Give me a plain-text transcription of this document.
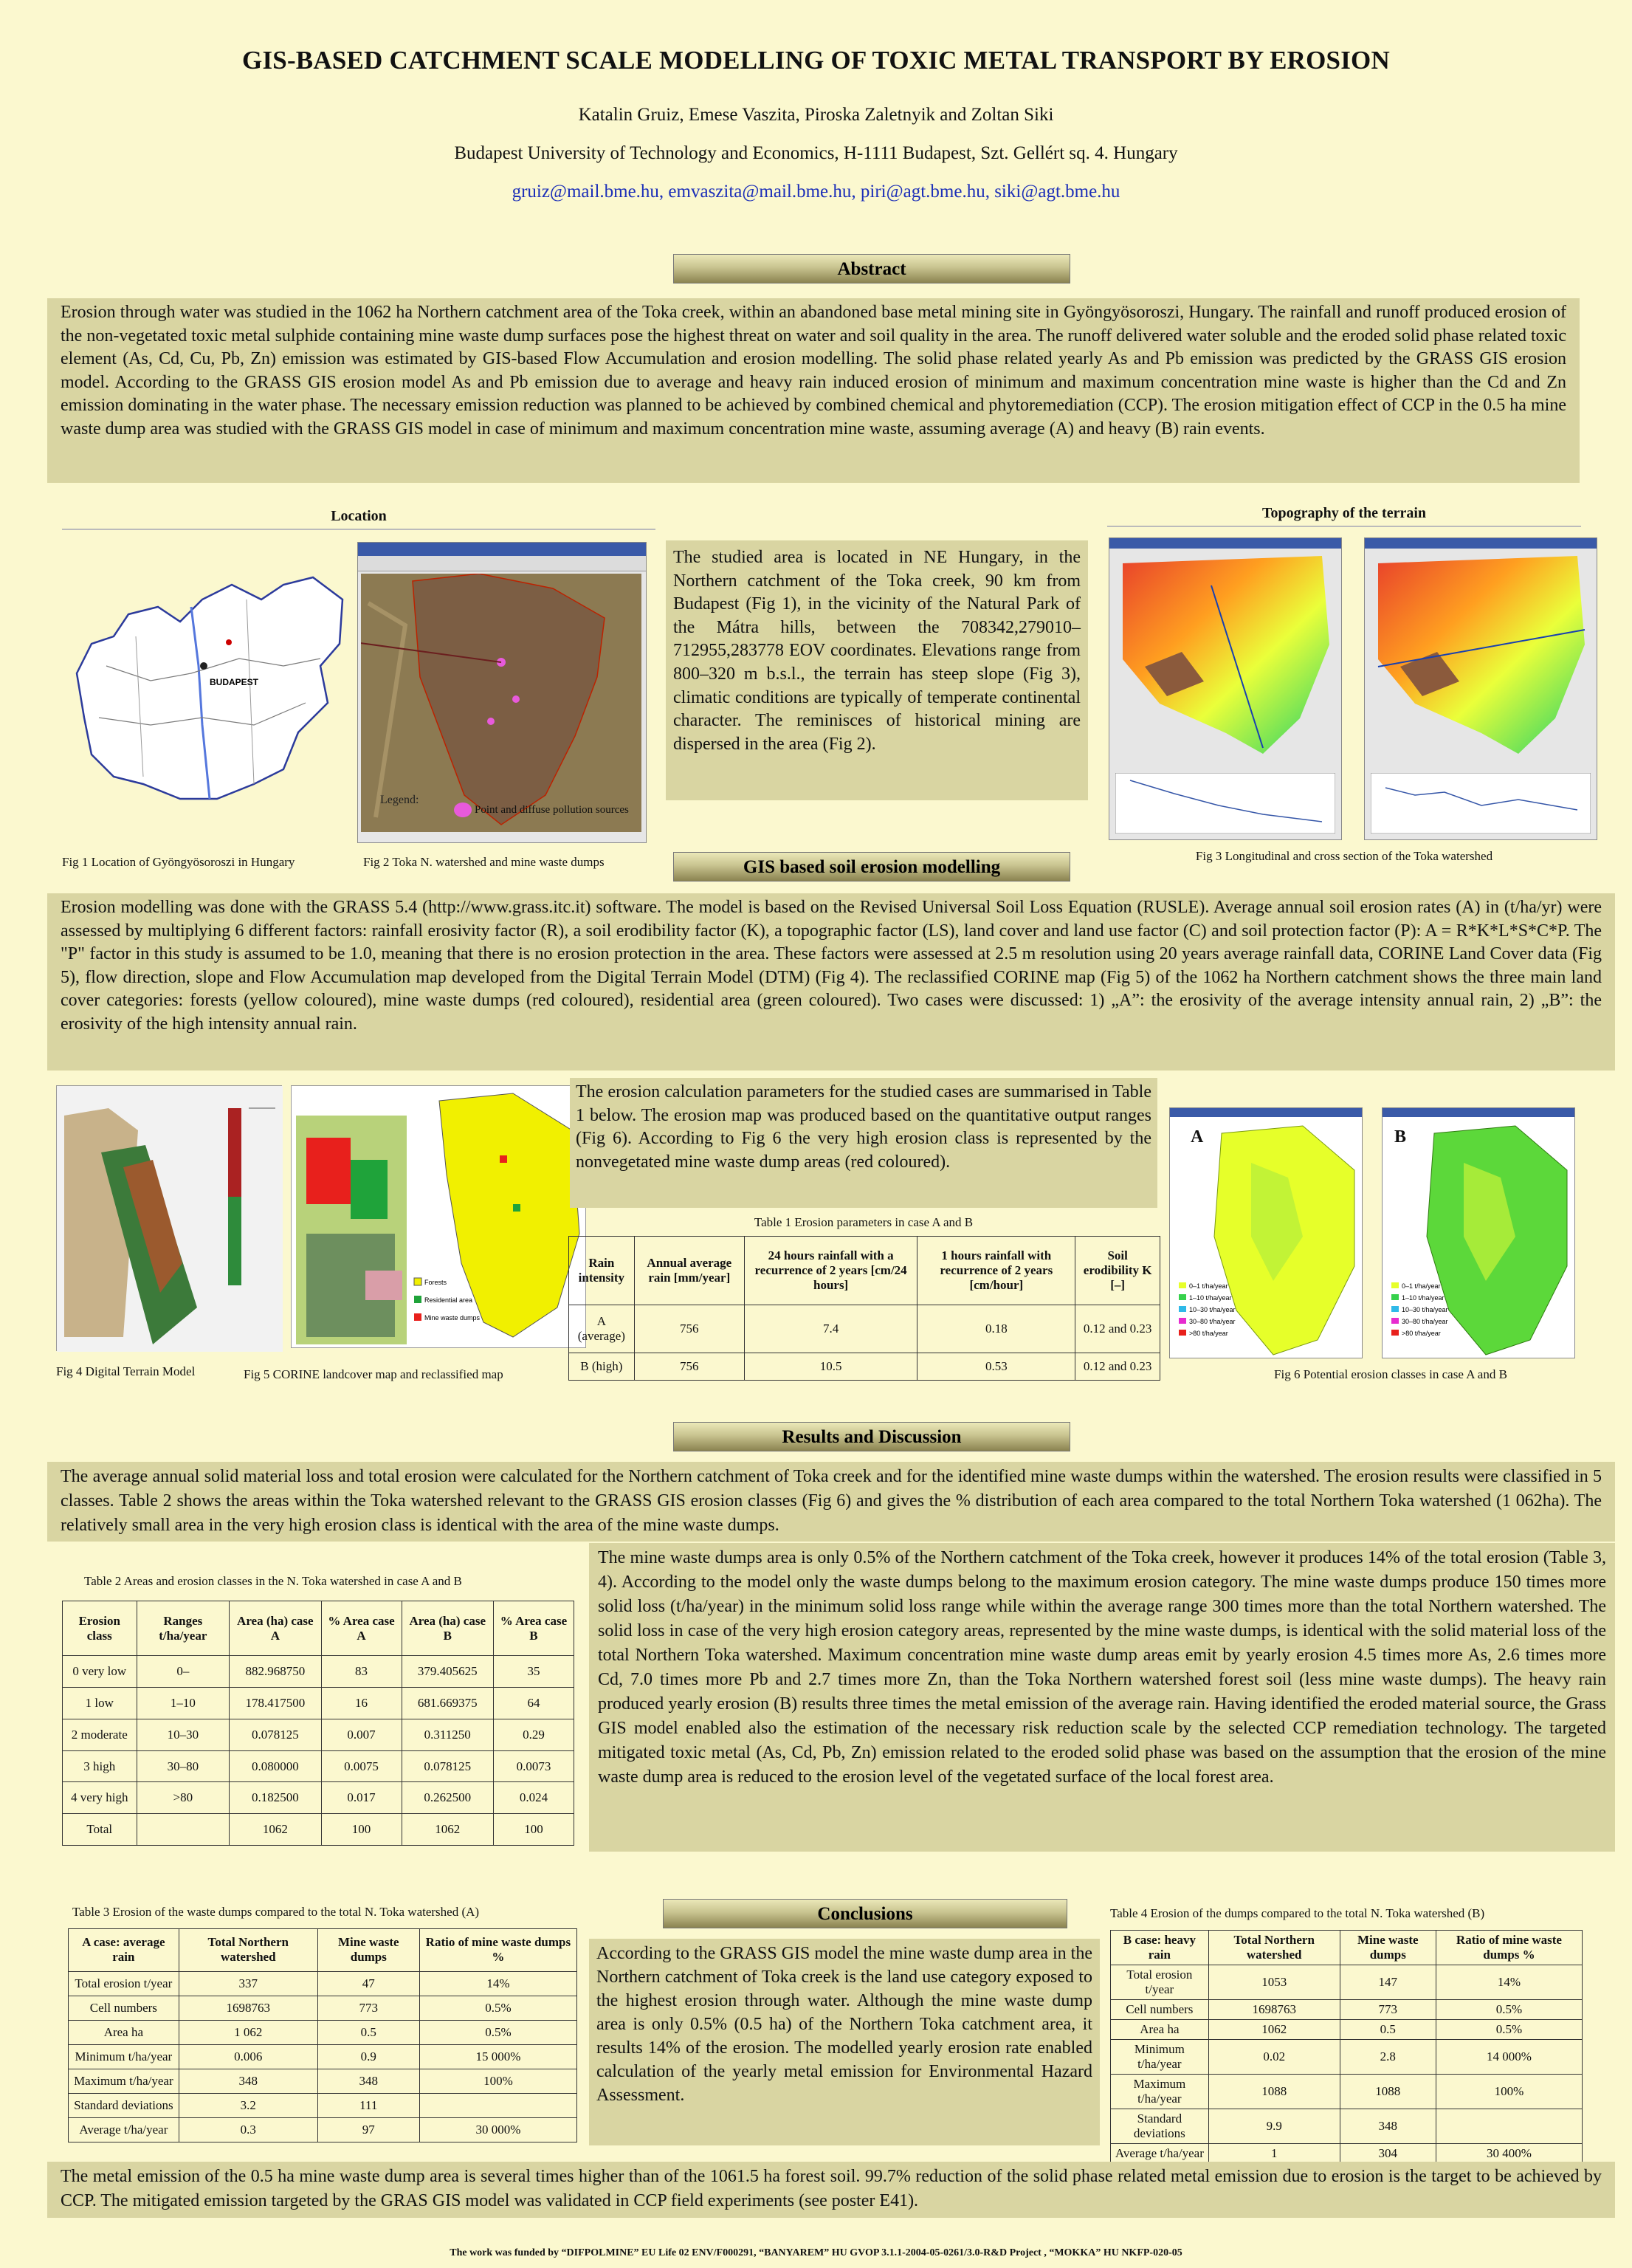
GIS-BASED CATCHMENT SCALE MODELLING OF TOXIC METAL TRANSPORT BY EROSION
Katalin Gruiz, Emese Vaszita, Piroska Zaletnyik and Zoltan Siki
Budapest University of Technology and Economics, H-1111 Budapest, Szt. Gellért sq. 4. Hungary
gruiz@mail.bme.hu, emvaszita@mail.bme.hu, piri@agt.bme.hu, siki@agt.bme.hu
Abstract
Erosion through water was studied in the 1062 ha Northern catchment area of the Toka creek, within an abandoned base metal mining site in Gyöngyösoroszi, Hungary. The rainfall and runoff produced erosion of the non-vegetated toxic metal sulphide containing mine waste dump surfaces pose the highest threat on water and soil quality in the area. The runoff delivered water soluble and the eroded solid phase related toxic element (As, Cd, Cu, Pb, Zn) emission was estimated by GIS-based Flow Accumulation and erosion modelling. The solid phase related yearly As and Pb emission was predicted by the GRASS GIS erosion model. According to the GRASS GIS erosion model As and Pb emission due to average and heavy rain induced erosion of minimum and maximum concentration mine waste is higher than the Cd and Zn emission dominating in the water phase. The necessary emission reduction was planned to be achieved by combined chemical and phytoremediation (CCP). The erosion mitigation effect of CCP in the 0.5 ha mine waste dump area was studied with the GRASS GIS model in case of minimum and maximum concentration mine waste, assuming average (A) and heavy (B) rain events.
Location
BUDAPEST
Legend:
Point and diffuse pollution sources
Fig 1 Location of Gyöngyösoroszi in Hungary	Fig 2 Toka N. watershed and mine waste dumps
The studied area is located in NE Hungary, in the Northern catchment of the Toka creek, 90 km from Budapest (Fig 1), in the vicinity of the Natural Park of the Mátra hills, between the 708342,279010–712955,283778 EOV coordinates. Elevations range from 800–320 m b.s.l., the terrain has steep slope (Fig 3), climatic conditions are typically of temperate continental character. The reminisces of historical mining are dispersed in the area (Fig 2).
Topography of the terrain
Fig 3 Longitudinal and cross section of the Toka watershed
GIS based soil erosion modelling
Erosion modelling was done with the GRASS 5.4 (http://www.grass.itc.it) software. The model is based on the Revised Universal Soil Loss Equation (RUSLE). Average annual soil erosion rates (A) in (t/ha/yr) were assessed by multiplying 6 different factors: rainfall erosivity factor (R), a soil erodibility factor (K), a topographic factor (LS), land cover and land use factor (C) and soil protection factor (P): A = R*K*L*S*C*P. The "P" factor in this study is assumed to be 1.0, meaning that there is no erosion protection in the area. These factors were assessed at 2.5 m resolution using 20 years average rainfall data, CORINE Land Cover data (Fig 5), flow direction, slope and Flow Accumulation map developed from the Digital Terrain Model (DTM) (Fig 4). The reclassified CORINE map (Fig 5) of the 1062 ha Northern catchment shows the three main land cover categories: forests (yellow coloured), mine waste dumps (red coloured), residential area (green coloured). Two cases were discussed: 1) „A”: the erosivity of the average intensity annual rain, 2) „B”: the erosivity of the high intensity annual rain.
Forests
Residential area
Mine waste dumps
Fig 4 Digital Terrain Model	Fig 5 CORINE landcover map and reclassified map
The erosion calculation parameters for the studied cases are summarised in Table 1 below. The erosion map was produced based on the quantitative output ranges (Fig 6). According to Fig 6 the very high erosion class is represented by the nonvegetated mine waste dump areas (red coloured).
Table 1 Erosion parameters in case A and B
Rain intensity	Annual average rain [mm/year]	24 hours rainfall with a recurrence of 2 years [cm/24 hours]	1 hours rainfall with recurrence of 2 years [cm/hour]	Soil erodibility K [–]
A (average)	756	7.4	0.18	0.12 and 0.23
B (high)	756	10.5	0.53	0.12 and 0.23
0–1 t/ha/year
1–10 t/ha/year
10–30 t/ha/year
30–80 t/ha/year
>80 t/ha/year
A
0–1 t/ha/year
1–10 t/ha/year
10–30 t/ha/year
30–80 t/ha/year
>80 t/ha/year
B
Fig 6 Potential erosion classes in case A and B
Results and Discussion
The average annual solid material loss and total erosion were calculated for the Northern catchment of Toka creek and for the identified mine waste dumps within the watershed. The erosion results were classified in 5 classes. Table 2 shows the areas within the Toka watershed relevant to the GRASS GIS erosion classes (Fig 6) and gives the % distribution of each area compared to the total Northern Toka watershed (1 062ha). The relatively small area in the very high erosion class is identical with the area of the mine waste dumps.
Table 2 Areas and erosion classes in the N. Toka watershed in case A and B
Erosion class	Ranges t/ha/year	Area (ha) case A	% Area case A	Area (ha) case B	% Area case B
0 very low	0–	882.968750	83	379.405625	35
1 low	1–10	178.417500	16	681.669375	64
2 moderate	10–30	0.078125	0.007	0.311250	0.29
3 high	30–80	0.080000	0.0075	0.078125	0.0073
4 very high	>80	0.182500	0.017	0.262500	0.024
Total		1062	100	1062	100
The mine waste dumps area is only 0.5% of the Northern catchment of the Toka creek, however it produces 14% of the total erosion (Table 3, 4). According to the model only the waste dumps belong to the maximum erosion category. The mine waste dumps produce 150 times more solid loss (t/ha/year) in the minimum solid loss range while within the average range 300 times more than the total Northern watershed. The solid loss in case of the very high erosion category areas, represented by the mine waste dumps, is identical with the solid material loss of the total Northern Toka watershed. Maximum concentration mine waste dump areas emit by yearly erosion 4.5 times more As, 2.6 times more Cd, 7.0 times more Pb and 2.7 times more Zn, than the Toka Northern watershed forest soil (less mine waste dumps). The heavy rain produced yearly erosion (B) results three times the metal emission of the average rain. Having identified the eroded material source, the Grass GIS model enabled also the estimation of the necessary risk reduction scale by the selected CCP remediation technology. The targeted mitigated toxic metal (As, Cd, Pb, Zn) emission related to the eroded solid phase was based on the assumption that the erosion of the mine waste dump area is reduced to the erosion level of the vegetated surface of the local forest area.
Table 3 Erosion of the waste dumps compared to the total N. Toka watershed (A)
A case: average rain	Total Northern watershed	Mine waste dumps	Ratio of mine waste dumps %
Total erosion t/year	337	47	14%
Cell numbers	1698763	773	0.5%
Area ha	1 062	0.5	0.5%
Minimum t/ha/year	0.006	0.9	15 000%
Maximum t/ha/year	348	348	100%
Standard deviations	3.2	111	
Average t/ha/year	0.3	97	30 000%
Conclusions
According to the GRASS GIS model the mine waste dump area in the Northern catchment of Toka creek is the land use category exposed to the highest erosion through water. Although the mine waste dump area is only 0.5% (0.5 ha) of the Northern Toka catchment area, it results 14% of the erosion. The modelled yearly erosion rate enabled calculation of the yearly metal emission for Environmental Hazard Assessment.
Table 4 Erosion of the dumps compared to the total N. Toka watershed (B)
B case: heavy rain	Total Northern watershed	Mine waste dumps	Ratio of mine waste dumps %
Total erosion t/year	1053	147	14%
Cell numbers	1698763	773	0.5%
Area ha	1062	0.5	0.5%
Minimum t/ha/year	0.02	2.8	14 000%
Maximum t/ha/year	1088	1088	100%
Standard deviations	9.9	348	
Average t/ha/year	1	304	30 400%
The metal emission of the 0.5 ha mine waste dump area is several times higher than of the 1061.5 ha forest soil. 99.7% reduction of the solid phase related metal emission due to erosion is the target to be achieved by CCP. The mitigated emission targeted by the GRAS GIS model was validated in CCP field experiments (see poster E41).
The work was funded by “DIFPOLMINE” EU Life 02 ENV/F000291, “BANYAREM” HU GVOP 3.1.1-2004-05-0261/3.0-R&D Project , “MOKKA” HU NKFP-020-05
